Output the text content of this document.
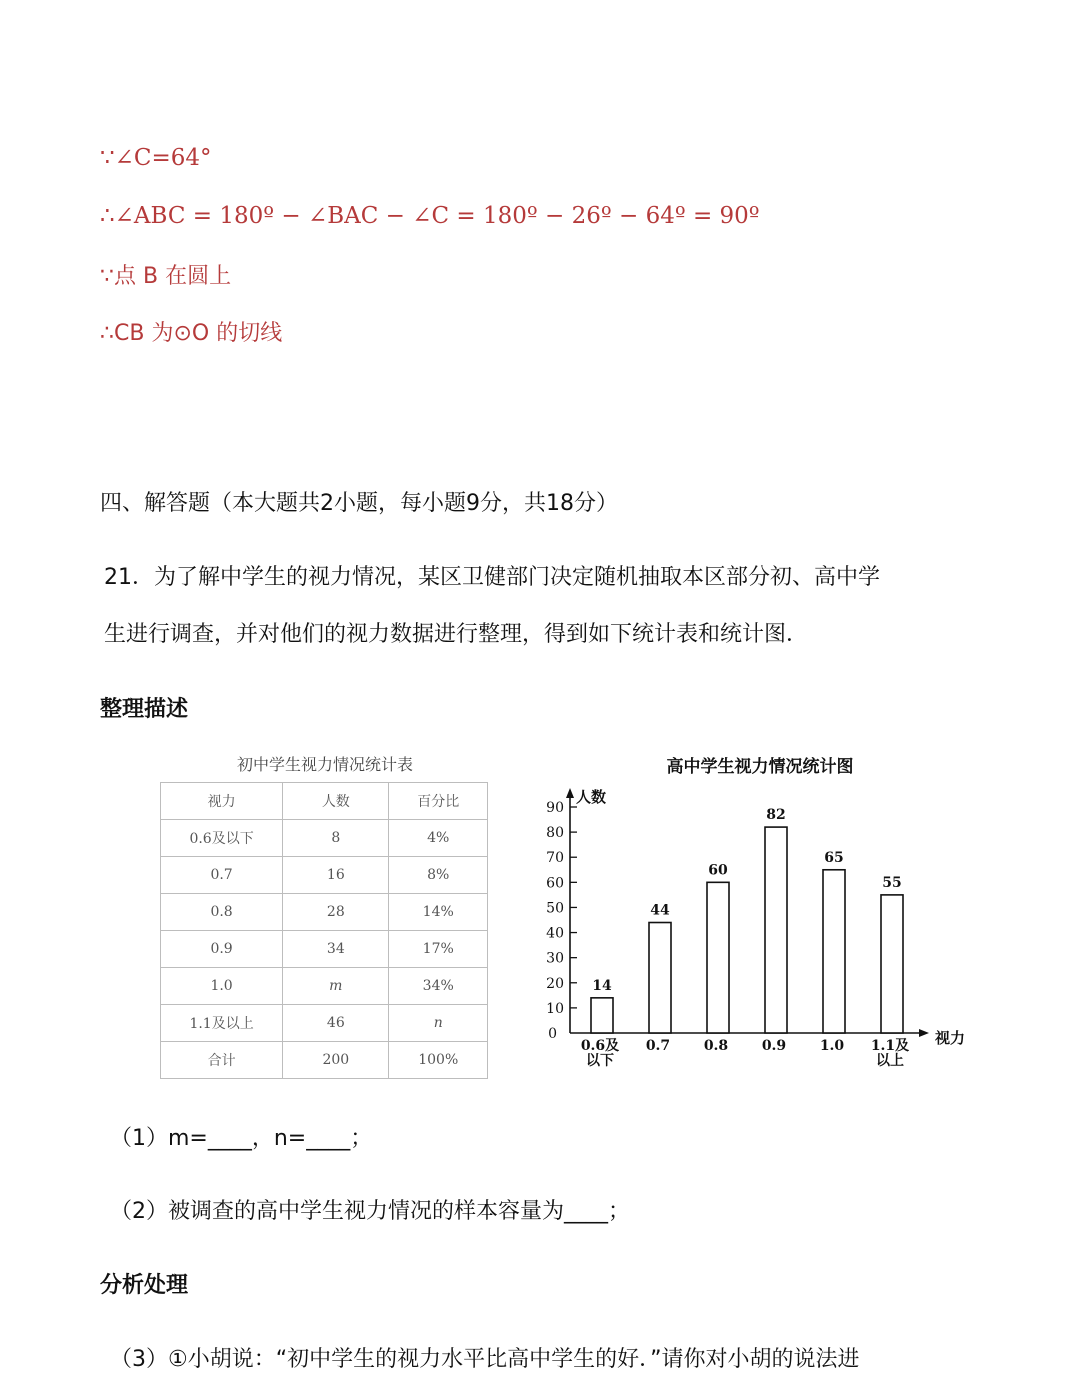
∵∠C=64°
∴∠ABC = 180º − ∠BAC − ∠C = 180º − 26º − 64º = 90º
∵点 B 在圆上
∴CB 为⊙O 的切线
四、解答题（本大题共2小题，每小题9分，共18分）
21．为了解中学生的视力情况，某区卫健部门决定随机抽取本区部分初、高中学
生进行调查，并对他们的视力数据进行整理，得到如下统计表和统计图．
整理描述
初中学生视力情况统计表
视力	人数	百分比
0.6及以下	8	4%
0.7	16	8%
0.8	28	14%
0.9	34	17%
1.0	m	34%
1.1及以上	46	n
合计	200	100%
高中学生视力情况统计图
0
10
20
30
40
50
60
70
80
90
人数
视力
14
0.6及
以下
44
0.7
60
0.8
82
0.9
65
1.0
55
1.1及
以上
（1）m=____，n=____；
（2）被调查的高中学生视力情况的样本容量为____；
分析处理
（3）①小胡说：“初中学生的视力水平比高中学生的好．”请你对小胡的说法进
